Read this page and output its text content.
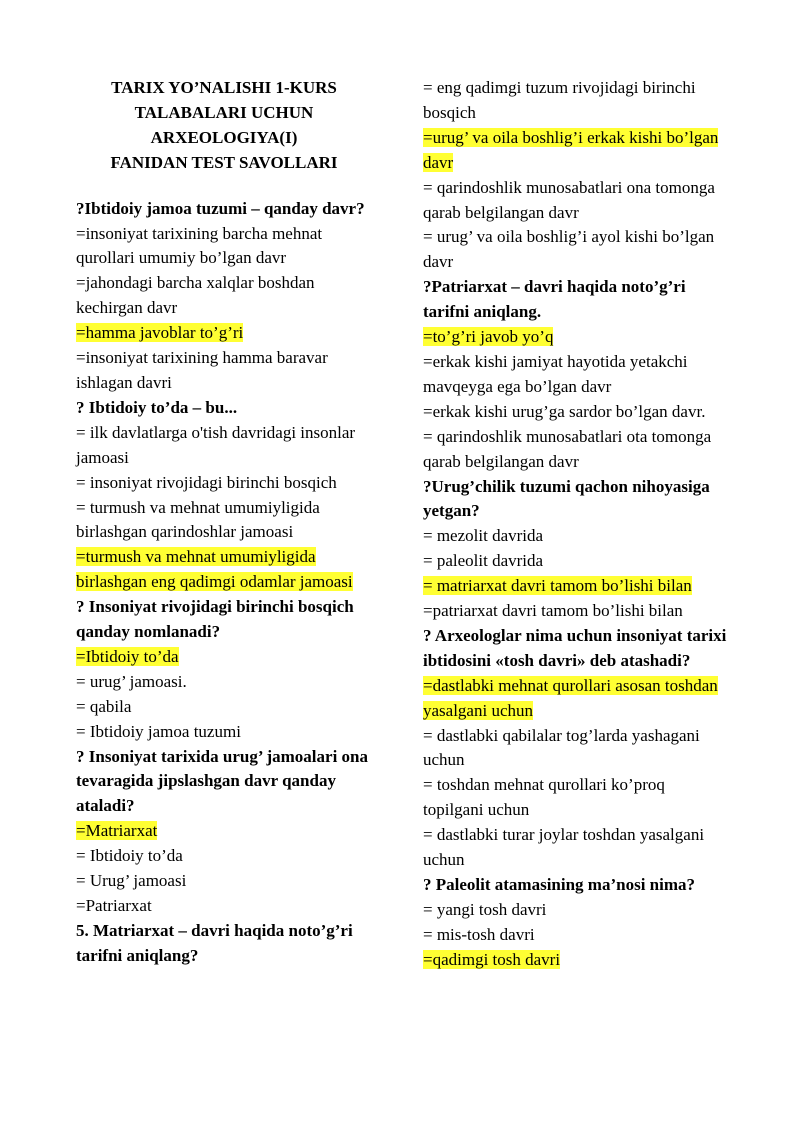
TARIX YO’NALISHI 1-KURS
TALABALARI UCHUN
ARXEOLOGIYA(I)
FANIDAN TEST SAVOLLARI
?Ibtidoiy jamoa tuzumi – qanday davr?
=insoniyat tarixining barcha mehnat qurollari umumiy bo’lgan davr
=jahondagi barcha xalqlar boshdan kechirgan davr
=hamma javoblar to’g’ri
=insoniyat tarixining hamma baravar ishlagan davri
? Ibtidoiy to’da – bu...
= ilk davlatlarga o'tish davridagi insonlar jamoasi
= insoniyat rivojidagi birinchi bosqich
= turmush va mehnat umumiyligida birlashgan qarindoshlar jamoasi
=turmush va mehnat umumiyligida birlashgan eng qadimgi odamlar jamoasi
? Insoniyat rivojidagi birinchi bosqich qanday nomlanadi?
=Ibtidoiy to’da
= urug’ jamoasi.
= qabila
= Ibtidoiy jamoa tuzumi
? Insoniyat tarixida urug’ jamoalari ona tevaragida jipslashgan davr qanday ataladi?
=Matriarxat
= Ibtidoiy to’da
= Urug’ jamoasi
=Patriarxat
5. Matriarxat – davri haqida noto’g’ri tarifni aniqlang?
= eng qadimgi tuzum rivojidagi birinchi bosqich
=urug’ va oila boshlig’i erkak kishi bo’lgan davr
= qarindoshlik munosabatlari ona tomonga qarab belgilangan davr
= urug’ va oila boshlig’i ayol kishi bo’lgan davr
?Patriarxat – davri haqida noto’g’ri tarifni aniqlang.
=to’g’ri javob yo’q
=erkak kishi jamiyat hayotida yetakchi mavqeyga ega bo’lgan davr
=erkak kishi urug’ga sardor bo’lgan davr.
= qarindoshlik munosabatlari ota tomonga qarab belgilangan davr
?Urug’chilik tuzumi qachon nihoyasiga yetgan?
= mezolit davrida
= paleolit davrida
= matriarxat davri tamom bo’lishi bilan
=patriarxat davri tamom bo’lishi bilan
? Arxeologlar nima uchun insoniyat tarixi ibtidosini «tosh davri» deb atashadi?
=dastlabki mehnat qurollari asosan toshdan yasalgani uchun
= dastlabki qabilalar tog’larda yashagani uchun
= toshdan mehnat qurollari ko’proq topilgani uchun
= dastlabki turar joylar toshdan yasalgani uchun
? Paleolit atamasining ma’nosi nima?
= yangi tosh davri
= mis-tosh davri
=qadimgi tosh davri
